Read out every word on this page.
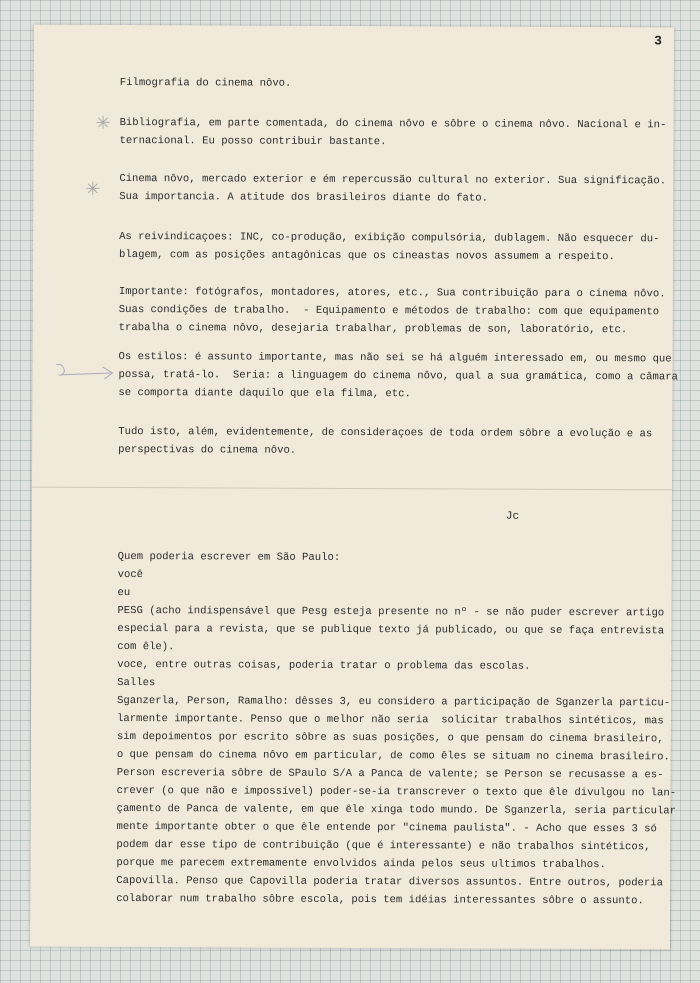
3
✳
✳

Filmografia do cinema nôvo.

Bibliografia, em parte comentada, do cinema nôvo e sôbre o cinema nôvo. Nacional e in-

ternacional. Eu posso contribuir bastante.

Cinema nôvo, mercado exterior e ém repercussão cultural no exterior. Sua significação.

Sua importancia. A atitude dos brasileiros diante do fato.

As reivindicaçoes: INC, co-produção, exibição compulsória, dublagem. Não esquecer du-

blagem, com as posições antagônicas que os cineastas novos assumem a respeito.

Importante: fotógrafos, montadores, atores, etc., Sua contribuição para o cinema nôvo.

Suas condições de trabalho.  - Equipamento e métodos de trabalho: com que equipamento

trabalha o cinema nôvo, desejaria trabalhar, problemas de son, laboratório, etc.

Os estilos: é assunto importante, mas não sei se há alguém interessado em, ou mesmo que

possa, tratá-lo.  Seria: a linguagem do cinema nôvo, qual a sua gramática, como a câmara

se comporta diante daquilo que ela filma, etc.

Tudo isto, além, evidentemente, de consideraçoes de toda ordem sôbre a evolução e as

perspectivas do cinema nôvo.

Jc

Quem poderia escrever em São Paulo:

você

eu

PESG (acho indispensável que Pesg esteja presente no nº - se não puder escrever artigo

especial para a revista, que se publique texto já publicado, ou que se faça entrevista

com êle).

voce, entre outras coisas, poderia tratar o problema das escolas.

Salles

Sganzerla, Person, Ramalho: dêsses 3, eu considero a participação de Sganzerla particu-

larmente importante. Penso que o melhor não seria  solicitar trabalhos sintéticos, mas

sim depoimentos por escrito sôbre as suas posições, o que pensam do cinema brasileiro,

o que pensam do cinema nôvo em particular, de como êles se situam no cinema brasileiro.

Person escreveria sôbre de SPaulo S/A a Panca de valente; se Person se recusasse a es-

crever (o que não e impossível) poder-se-ia transcrever o texto que êle divulgou no lan-

çamento de Panca de valente, em que êle xinga todo mundo. De Sganzerla, seria particular

mente importante obter o que êle entende por "cinema paulista". - Acho que esses 3 só

podem dar esse tipo de contribuição (que é interessante) e não trabalhos sintéticos,

porque me parecem extremamente envolvidos ainda pelos seus ultimos trabalhos.

Capovilla. Penso que Capovilla poderia tratar diversos assuntos. Entre outros, poderia

colaborar num trabalho sôbre escola, pois tem idéias interessantes sôbre o assunto.
